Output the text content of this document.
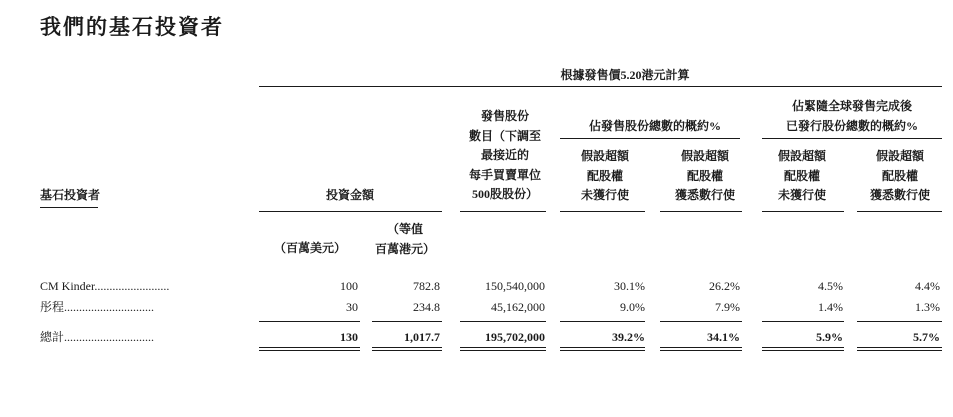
我們的基石投資者
根據發售價5.20港元計算
發售股份
數目（下調至
最接近的
每手買賣單位
500股股份）
佔發售股份總數的概約%
佔緊隨全球發售完成後
已發行股份總數的概約%
假設超額
配股權
未獲行使
假設超額
配股權
獲悉數行使
假設超額
配股權
未獲行使
假設超額
配股權
獲悉數行使
基石投資者	投資金額
（百萬美元）
（等值
百萬港元）
CM Kinder.........................	100	782.8	150,540,000	30.1%	26.2%	4.5%	4.4%
彤程..............................	30	234.8	45,162,000	9.0%	7.9%	1.4%	1.3%
總計..............................	130	1,017.7	195,702,000	39.2%	34.1%	5.9%	5.7%
